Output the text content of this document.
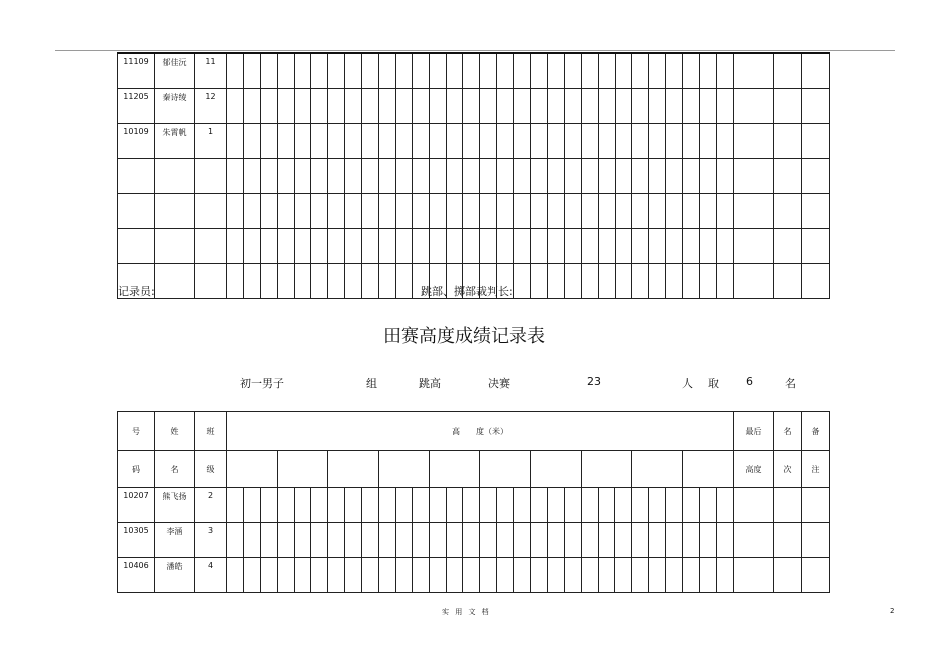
11109	郁佳沅	11																																	
11205	秦诗绫	12																																	
10109	朱霄帆	1																																	

记录员:	跳部、掷部裁判长:
田赛高度成绩记录表
初一男子	组	跳高	决赛	23	人 取 6	名
号	姓	班	高　　度（米）																														最后	名	备
码	名	级																															高度	次	注
10207	熊飞扬	2																																	
10305	李涵	3																																	
10406	潘皓	4																																	
实 用 文 档	2
